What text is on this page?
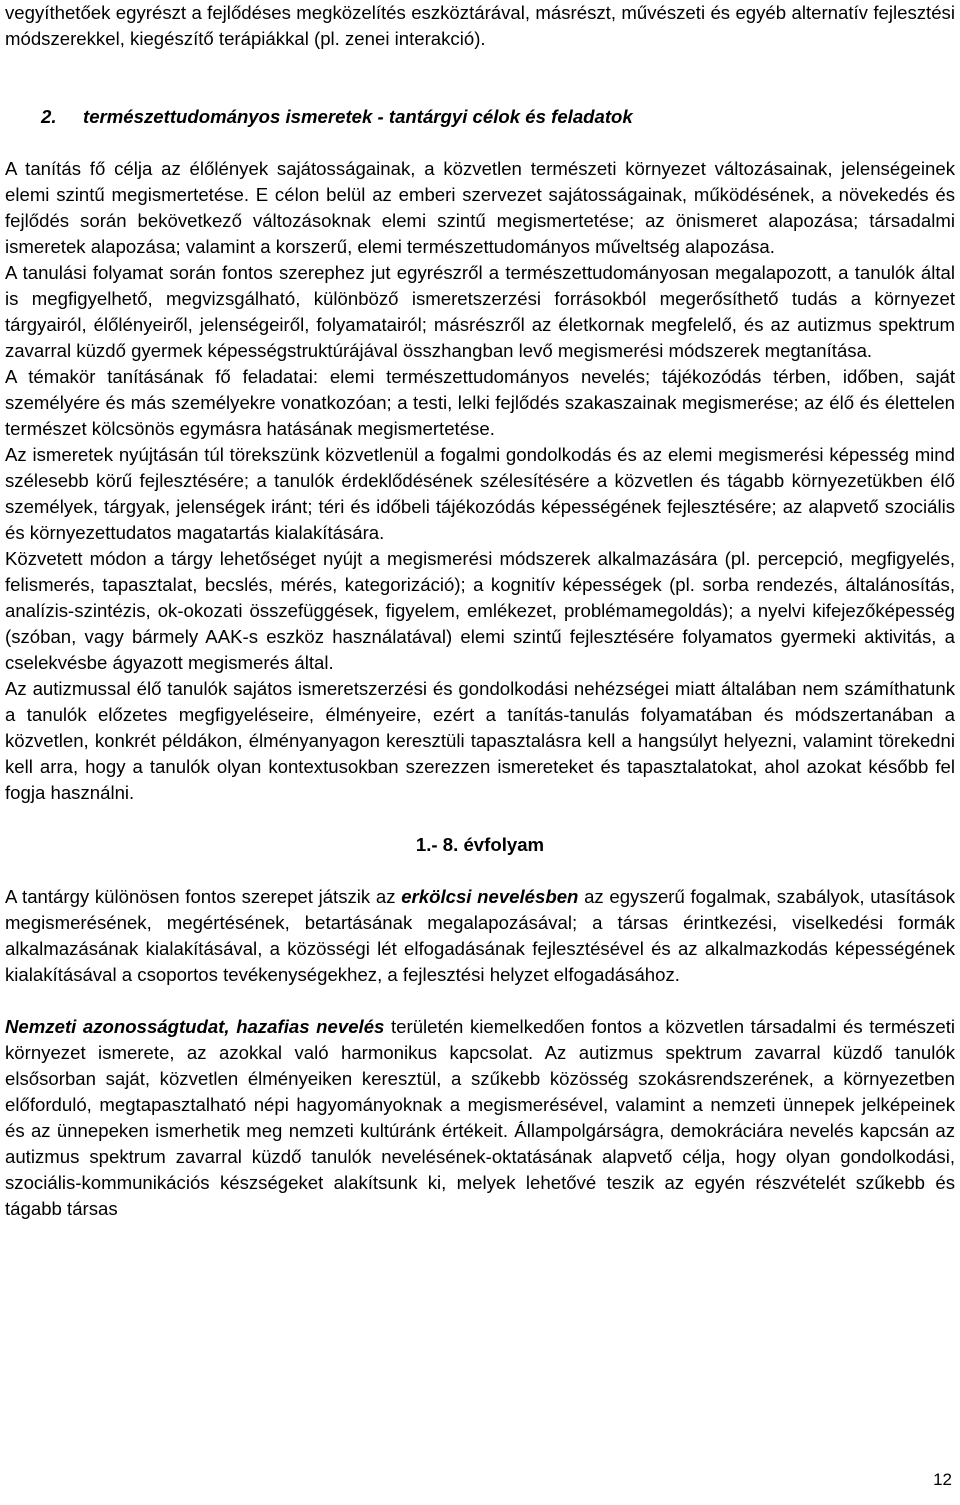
vegyíthetőek egyrészt a fejlődéses megközelítés eszköztárával, másrészt, művészeti és egyéb alternatív fejlesztési módszerekkel, kiegészítő terápiákkal (pl. zenei interakció).

2. természettudományos ismeretek - tantárgyi célok és feladatok

A tanítás fő célja az élőlények sajátosságainak, a közvetlen természeti környezet változásainak, jelenségeinek elemi szintű megismertetése. E célon belül az emberi szervezet sajátosságainak, működésének, a növekedés és fejlődés során bekövetkező változásoknak elemi szintű megismertetése; az önismeret alapozása; társadalmi ismeretek alapozása; valamint a korszerű, elemi természettudományos műveltség alapozása.

A tanulási folyamat során fontos szerephez jut egyrészről a természettudományosan megalapozott, a tanulók által is megfigyelhető, megvizsgálható, különböző ismeretszerzési forrásokból megerősíthető tudás a környezet tárgyairól, élőlényeiről, jelenségeiről, folyamatairól; másrészről az életkornak megfelelő, és az autizmus spektrum zavarral küzdő gyermek képességstruktúrájával összhangban levő megismerési módszerek megtanítása.

A témakör tanításának fő feladatai: elemi természettudományos nevelés; tájékozódás térben, időben, saját személyére és más személyekre vonatkozóan; a testi, lelki fejlődés szakaszainak megismerése; az élő és élettelen természet kölcsönös egymásra hatásának megismertetése.

Az ismeretek nyújtásán túl törekszünk közvetlenül a fogalmi gondolkodás és az elemi megismerési képesség mind szélesebb körű fejlesztésére; a tanulók érdeklődésének szélesítésére a közvetlen és tágabb környezetükben élő személyek, tárgyak, jelenségek iránt; téri és időbeli tájékozódás képességének fejlesztésére; az alapvető szociális és környezettudatos magatartás kialakítására.

Közvetett módon a tárgy lehetőséget nyújt a megismerési módszerek alkalmazására (pl. percepció, megfigyelés, felismerés, tapasztalat, becslés, mérés, kategorizáció); a kognitív képességek (pl. sorba rendezés, általánosítás, analízis-szintézis, ok-okozati összefüggések, figyelem, emlékezet, problémamegoldás); a nyelvi kifejezőképesség (szóban, vagy bármely AAK-s eszköz használatával) elemi szintű fejlesztésére folyamatos gyermeki aktivitás, a cselekvésbe ágyazott megismerés által.

Az autizmussal élő tanulók sajátos ismeretszerzési és gondolkodási nehézségei miatt általában nem számíthatunk a tanulók előzetes megfigyeléseire, élményeire, ezért a tanítás-tanulás folyamatában és módszertanában a közvetlen, konkrét példákon, élményanyagon keresztüli tapasztalásra kell a hangsúlyt helyezni, valamint törekedni kell arra, hogy a tanulók olyan kontextusokban szerezzen ismereteket és tapasztalatokat, ahol azokat később fel fogja használni.

1.- 8. évfolyam

A tantárgy különösen fontos szerepet játszik az erkölcsi nevelésben az egyszerű fogalmak, szabályok, utasítások megismerésének, megértésének, betartásának megalapozásával; a társas érintkezési, viselkedési formák alkalmazásának kialakításával, a közösségi lét elfogadásának fejlesztésével és az alkalmazkodás képességének kialakításával a csoportos tevékenységekhez, a fejlesztési helyzet elfogadásához.

Nemzeti azonosságtudat, hazafias nevelés területén kiemelkedően fontos a közvetlen társadalmi és természeti környezet ismerete, az azokkal való harmonikus kapcsolat. Az autizmus spektrum zavarral küzdő tanulók elsősorban saját, közvetlen élményeiken keresztül, a szűkebb közösség szokásrendszerének, a környezetben előforduló, megtapasztalható népi hagyományoknak a megismerésével, valamint a nemzeti ünnepek jelképeinek és az ünnepeken ismerhetik meg nemzeti kultúránk értékeit. Állampolgárságra, demokráciára nevelés kapcsán az autizmus spektrum zavarral küzdő tanulók nevelésének-oktatásának alapvető célja, hogy olyan gondolkodási, szociális-kommunikációs készségeket alakítsunk ki, melyek lehetővé teszik az egyén részvételét szűkebb és tágabb társas

12
